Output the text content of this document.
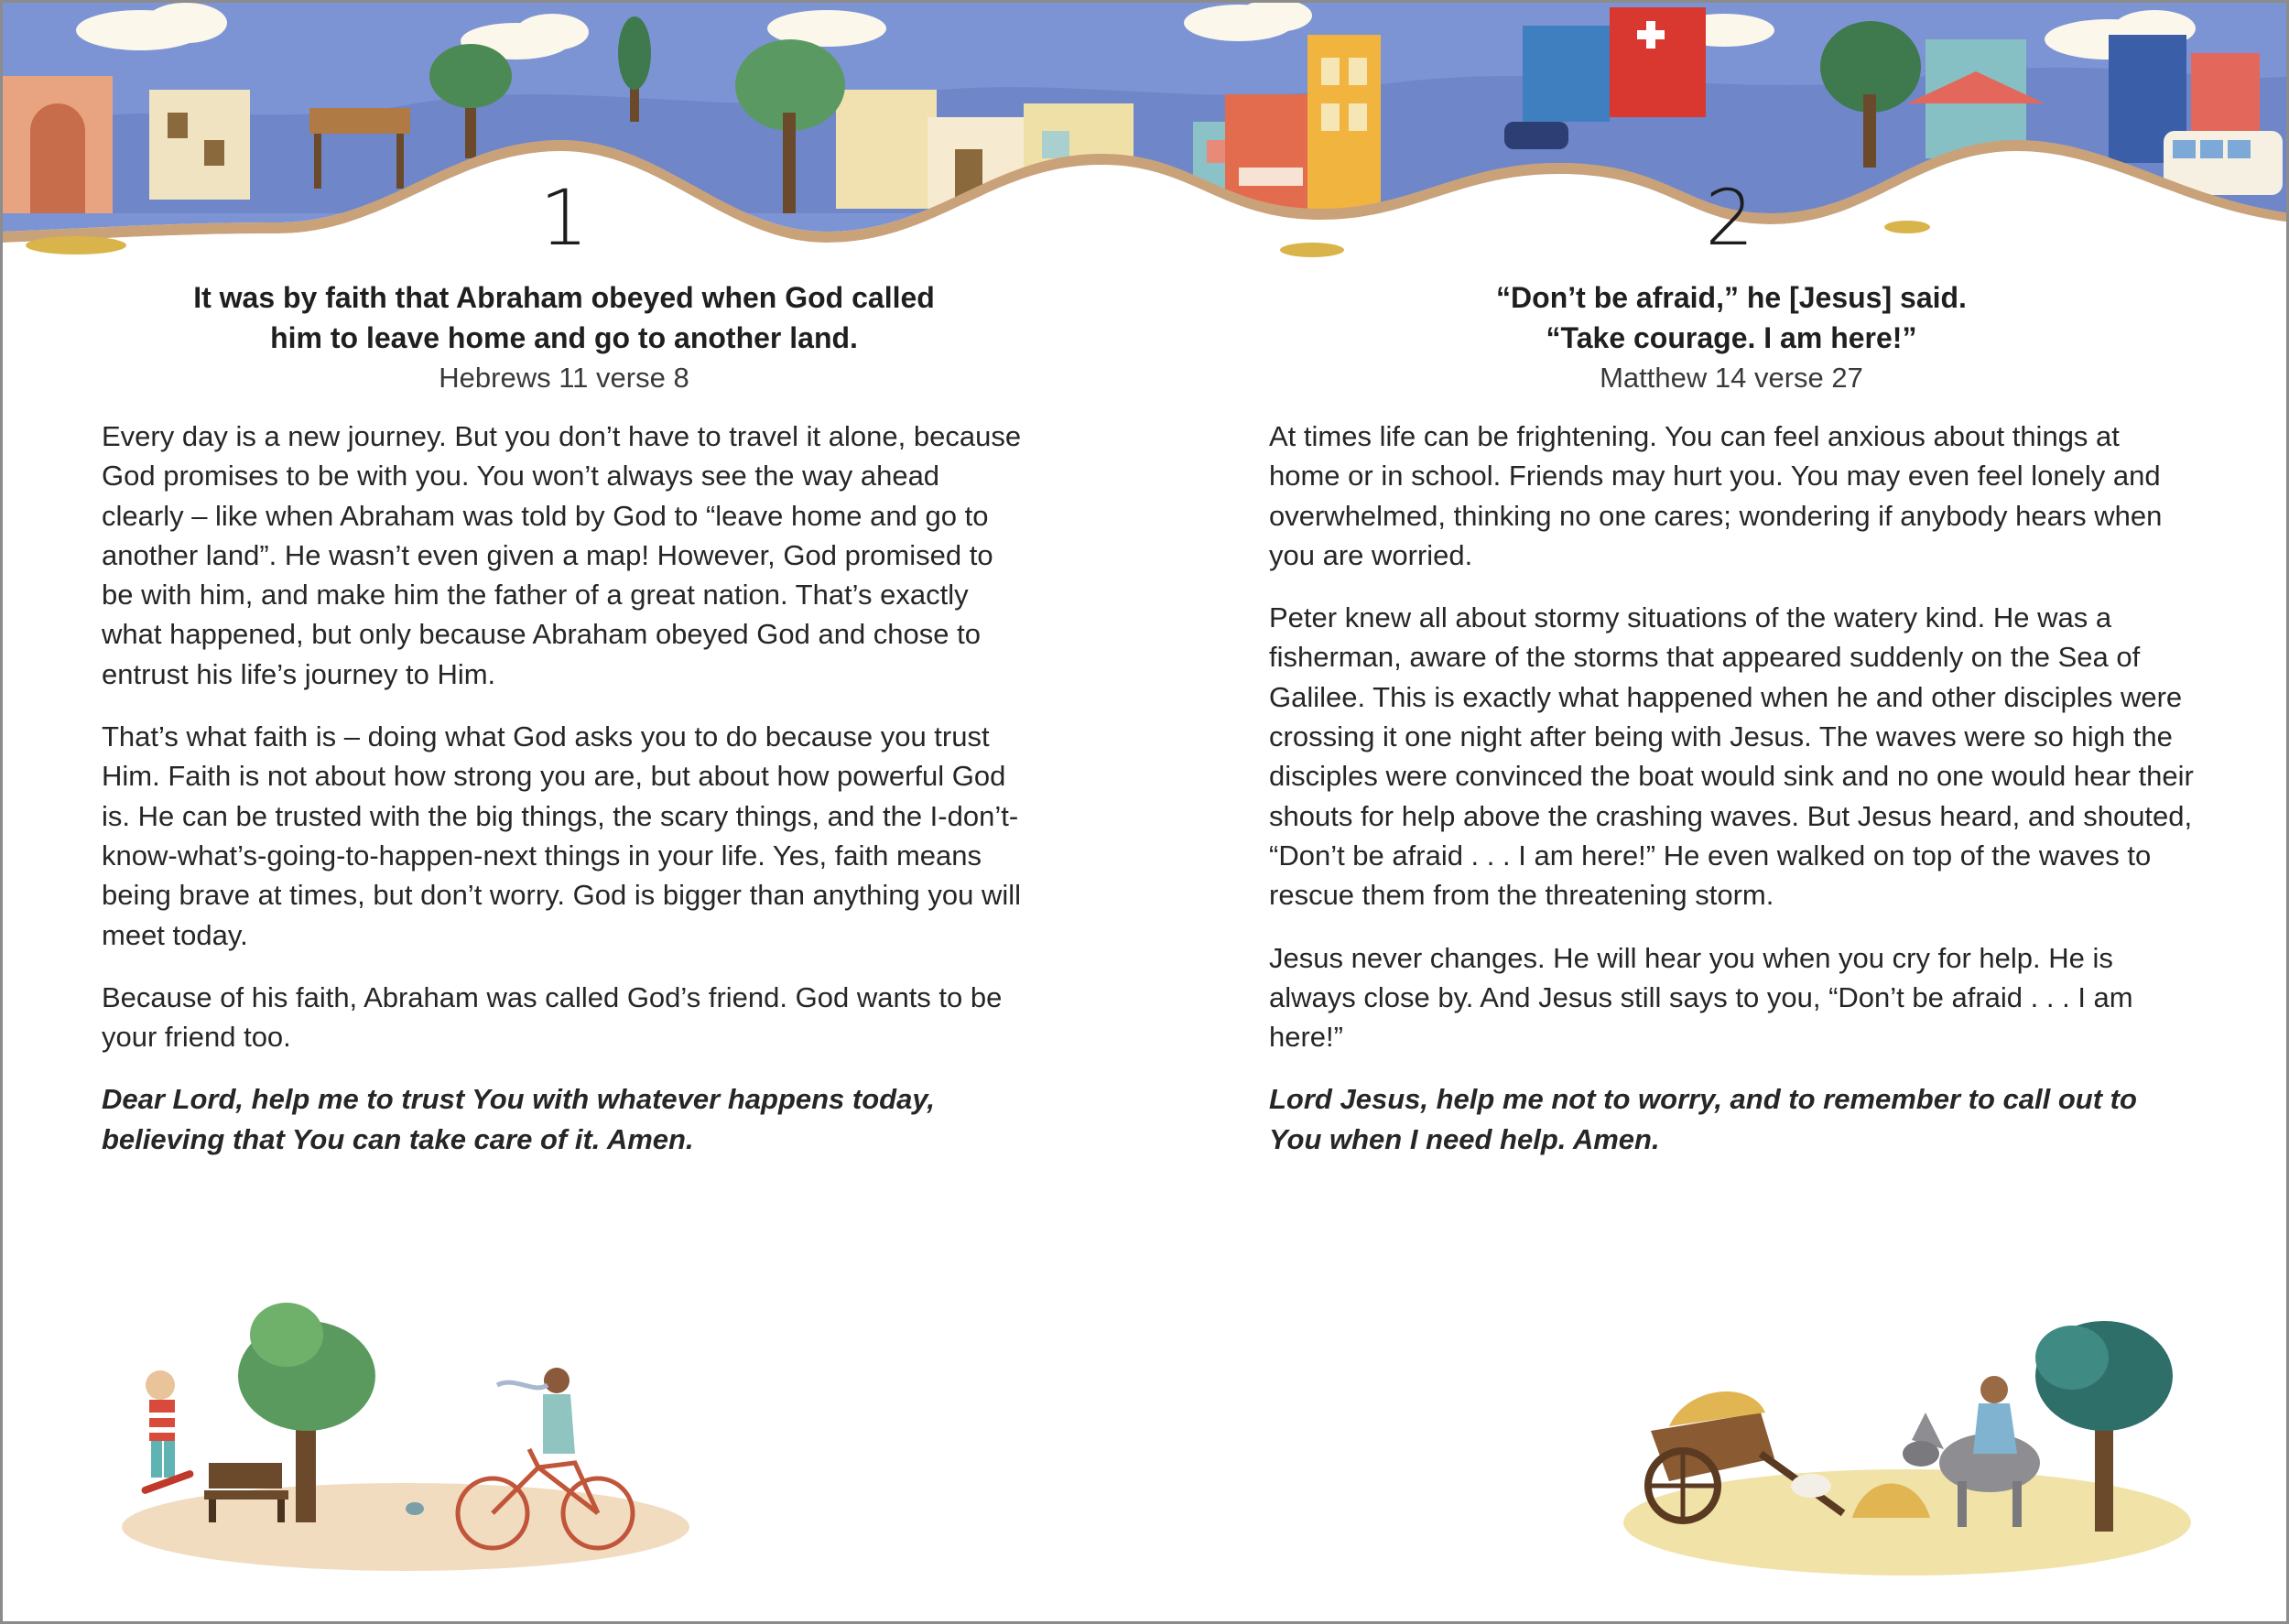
1	2
It was by faith that Abraham obeyed when God called
him to leave home and go to another land.
Hebrews 11 verse 8

Every day is a new journey. But you don’t have to travel it alone, because God promises to be with you. You won’t always see the way ahead clearly – like when Abraham was told by God to “leave home and go to another land”. He wasn’t even given a map! However, God promised to be with him, and make him the father of a great nation. That’s exactly what happened, but only because Abraham obeyed God and chose to entrust his life’s journey to Him.

That’s what faith is – doing what God asks you to do because you trust Him. Faith is not about how strong you are, but about how powerful God is. He can be trusted with the big things, the scary things, and the I-don’t-know-what’s-going-to-happen-next things in your life. Yes, faith means being brave at times, but don’t worry. God is bigger than anything you will meet today.

Because of his faith, Abraham was called God’s friend. God wants to be your friend too.

Dear Lord, help me to trust You with whatever happens today, believing that You can take care of it. Amen.

“Don’t be afraid,” he [Jesus] said.
“Take courage. I am here!”
Matthew 14 verse 27

At times life can be frightening. You can feel anxious about things at home or in school. Friends may hurt you. You may even feel lonely and overwhelmed, thinking no one cares; wondering if anybody hears when you are worried.

Peter knew all about stormy situations of the watery kind. He was a fisherman, aware of the storms that appeared suddenly on the Sea of Galilee. This is exactly what happened when he and other disciples were crossing it one night after being with Jesus. The waves were so high the disciples were convinced the boat would sink and no one would hear their shouts for help above the crashing waves. But Jesus heard, and shouted, “Don’t be afraid . . . I am here!” He even walked on top of the waves to rescue them from the threatening storm.

Jesus never changes. He will hear you when you cry for help. He is always close by. And Jesus still says to you, “Don’t be afraid . . . I am here!”

Lord Jesus, help me not to worry, and to remember to call out to You when I need help. Amen.
